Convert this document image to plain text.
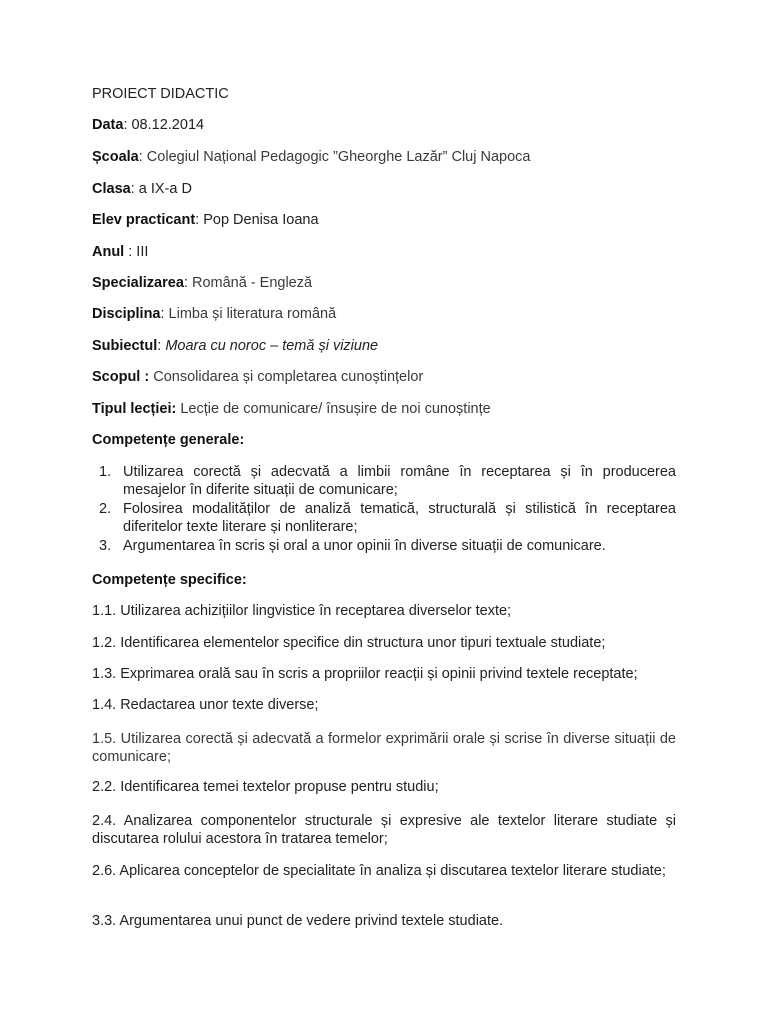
PROIECT DIDACTIC
Data: 08.12.2014
Școala: Colegiul Național Pedagogic ”Gheorghe Lazăr” Cluj Napoca
Clasa: a IX-a D
Elev practicant: Pop Denisa Ioana
Anul : III
Specializarea: Română - Engleză
Disciplina: Limba și literatura română
Subiectul: Moara cu noroc – temă și viziune
Scopul : Consolidarea și completarea cunoștințelor
Tipul lecției: Lecție de comunicare/ însușire de noi cunoștințe
Competențe generale:
1. Utilizarea corectă și adecvată a limbii române în receptarea și în producerea mesajelor în diferite situații de comunicare;
2. Folosirea modalităților de analiză tematică, structurală și stilistică în receptarea diferitelor texte literare și nonliterare;
3. Argumentarea în scris și oral a unor opinii în diverse situații de comunicare.
Competențe specifice:
1.1. Utilizarea achizițiilor lingvistice în receptarea diverselor texte;
1.2. Identificarea elementelor specifice din structura unor tipuri textuale studiate;
1.3. Exprimarea orală sau în scris a propriilor reacții și opinii privind textele receptate;
1.4. Redactarea unor texte diverse;
1.5. Utilizarea corectă și adecvată a formelor exprimării orale și scrise în diverse situații de comunicare;
2.2. Identificarea temei textelor propuse pentru studiu;
2.4. Analizarea componentelor structurale și expresive ale textelor literare studiate și discutarea rolului acestora în tratarea temelor;
2.6. Aplicarea conceptelor de specialitate în analiza și discutarea textelor literare studiate;
3.3. Argumentarea unui punct de vedere privind textele studiate.
